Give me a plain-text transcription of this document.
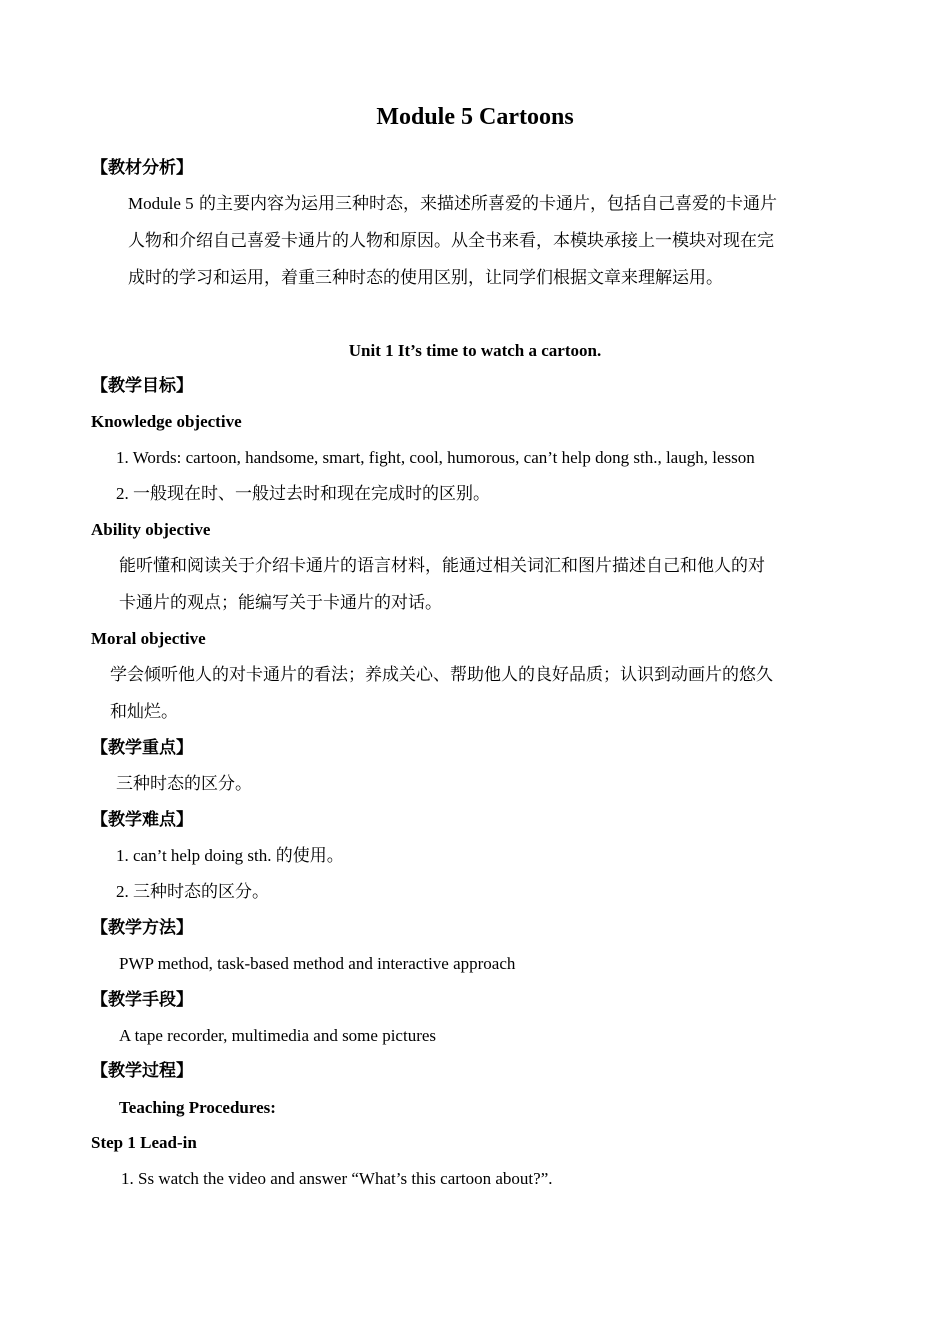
Module 5 Cartoons
【教材分析】
Module 5 的主要内容为运用三种时态，来描述所喜爱的卡通片，包括自己喜爱的卡通片
人物和介绍自己喜爱卡通片的人物和原因。从全书来看，本模块承接上一模块对现在完
成时的学习和运用，着重三种时态的使用区别，让同学们根据文章来理解运用。
Unit 1 It’s time to watch a cartoon.
【教学目标】
Knowledge objective
1. Words: cartoon, handsome, smart, fight, cool, humorous, can’t help dong sth., laugh, lesson
2. 一般现在时、一般过去时和现在完成时的区别。
Ability objective
能听懂和阅读关于介绍卡通片的语言材料，能通过相关词汇和图片描述自己和他人的对
卡通片的观点；能编写关于卡通片的对话。
Moral objective
学会倾听他人的对卡通片的看法；养成关心、帮助他人的良好品质；认识到动画片的悠久
和灿烂。
【教学重点】
三种时态的区分。
【教学难点】
1. can’t help doing sth. 的使用。
2. 三种时态的区分。
【教学方法】
PWP method, task-based method and interactive approach
【教学手段】
A tape recorder, multimedia and some pictures
【教学过程】
Teaching Procedures:
Step 1 Lead-in
1. Ss watch the video and answer “What’s this cartoon about?”.
